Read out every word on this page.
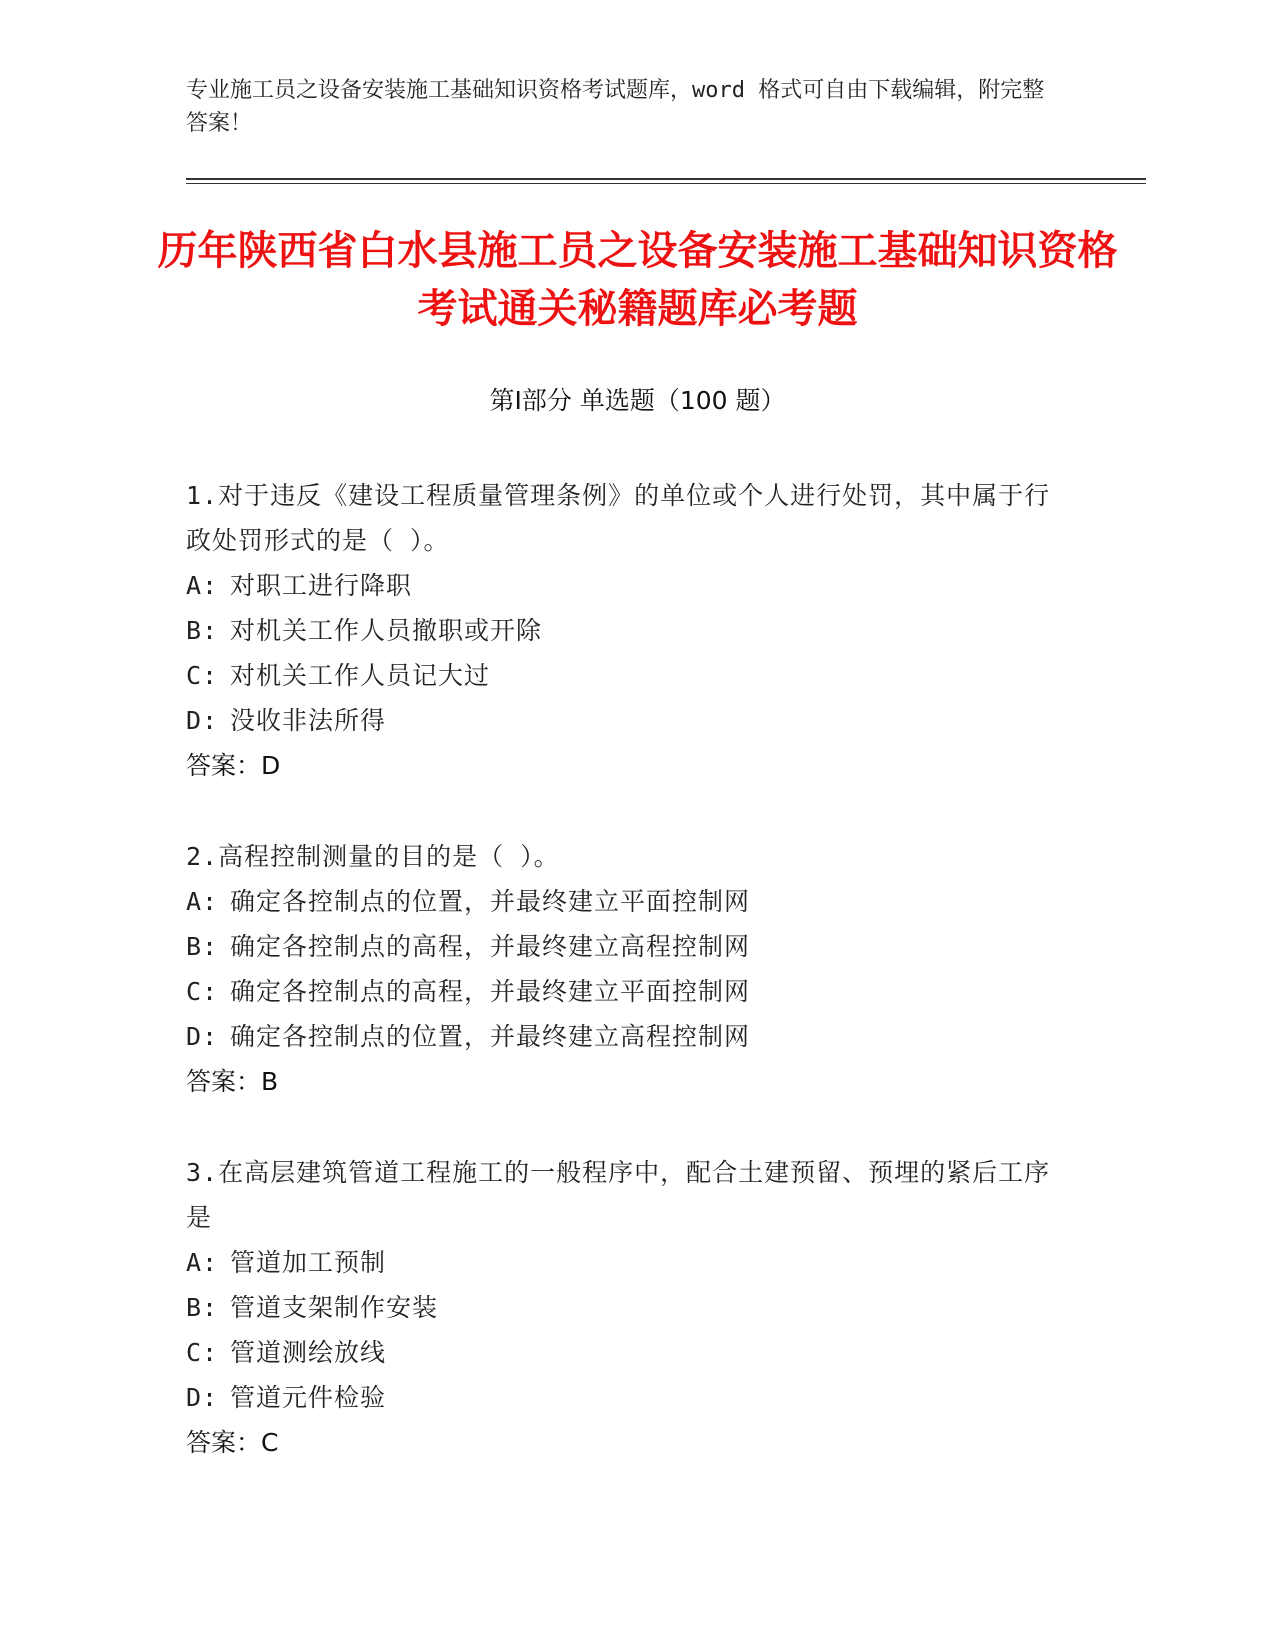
专业施工员之设备安装施工基础知识资格考试题库，word 格式可自由下载编辑，附完整答案！
历年陕西省白水县施工员之设备安装施工基础知识资格考试通关秘籍题库必考题
第Ⅰ部分 单选题（100 题）
1.对于违反《建设工程质量管理条例》的单位或个人进行处罚，其中属于行政处罚形式的是（ ）。
A: 对职工进行降职
B: 对机关工作人员撤职或开除
C: 对机关工作人员记大过
D: 没收非法所得
答案：D
2.高程控制测量的目的是（ ）。
A: 确定各控制点的位置，并最终建立平面控制网
B: 确定各控制点的高程，并最终建立高程控制网
C: 确定各控制点的高程，并最终建立平面控制网
D: 确定各控制点的位置，并最终建立高程控制网
答案：B
3.在高层建筑管道工程施工的一般程序中，配合土建预留、预埋的紧后工序是
A: 管道加工预制
B: 管道支架制作安装
C: 管道测绘放线
D: 管道元件检验
答案：C
